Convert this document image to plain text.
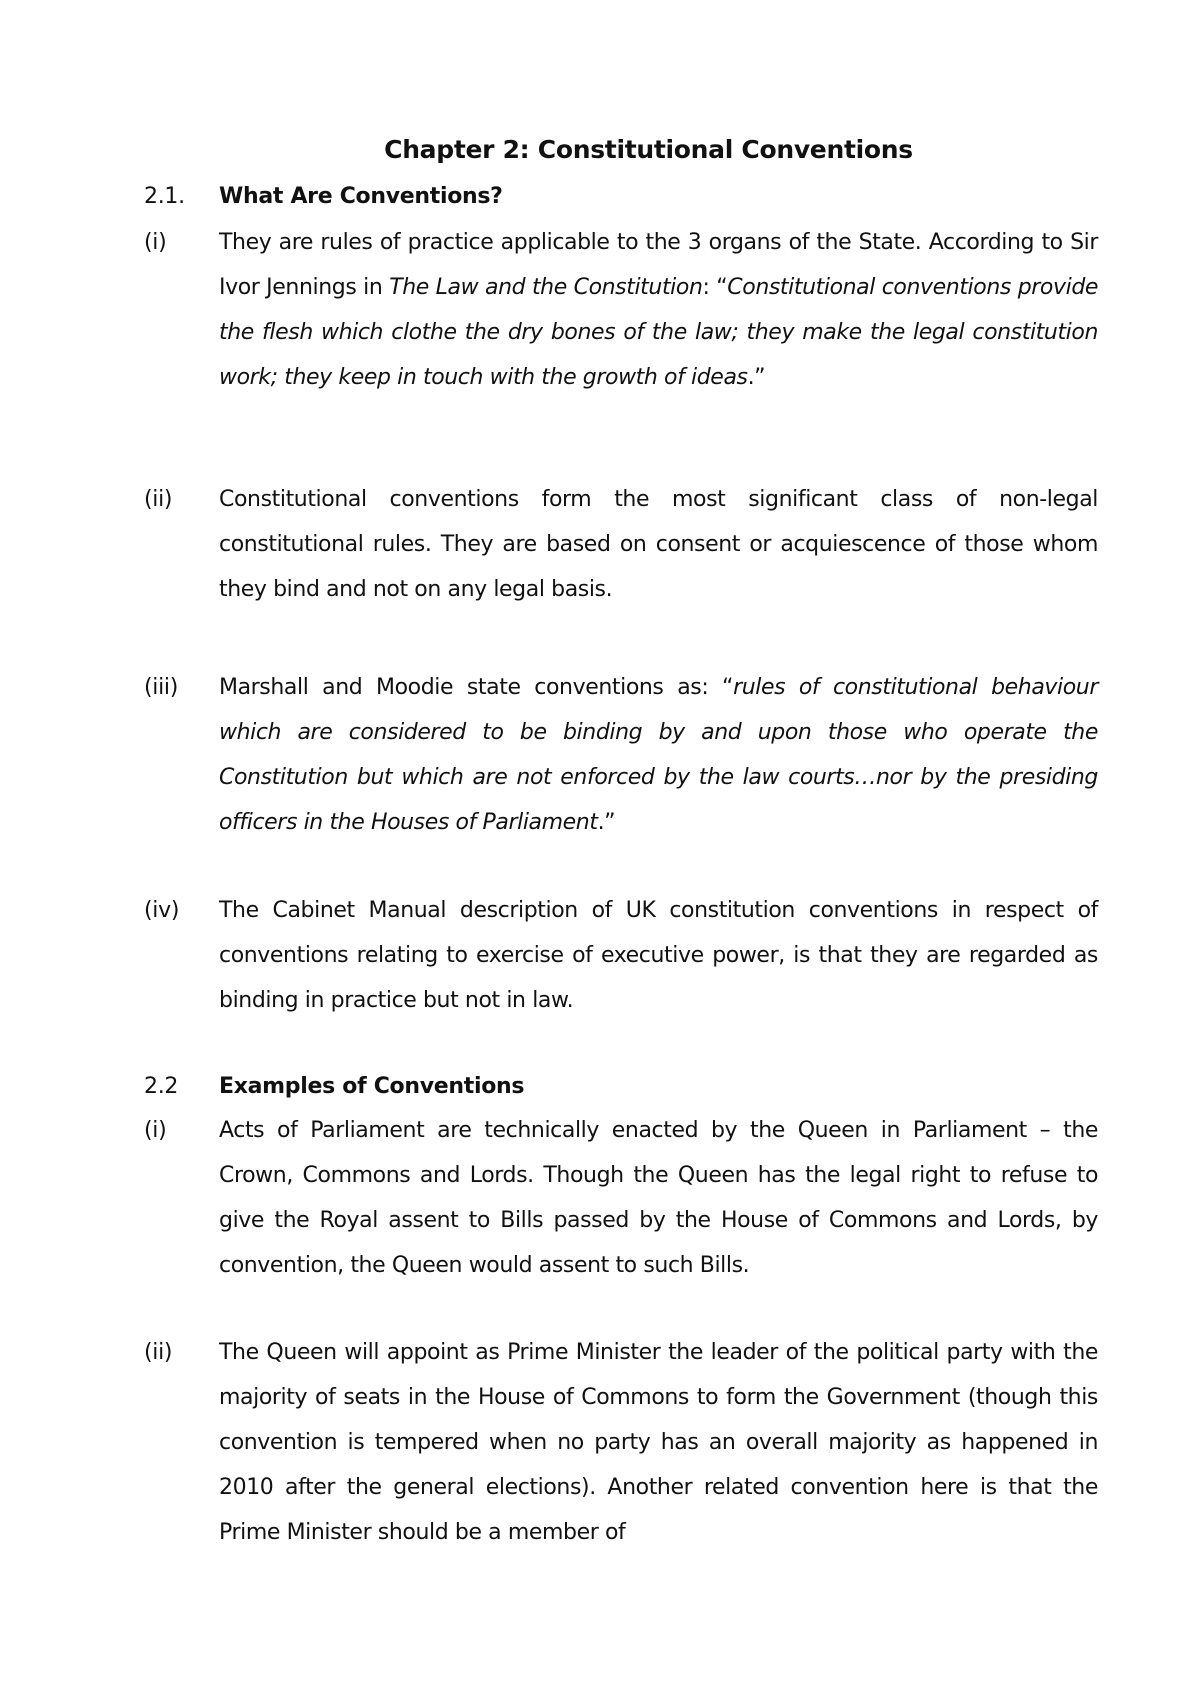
Chapter 2: Constitutional Conventions
2.1. What Are Conventions?
(i) They are rules of practice applicable to the 3 organs of the State. According to Sir Ivor Jennings in The Law and the Constitution: “Constitutional conventions provide the flesh which clothe the dry bones of the law; they make the legal constitution work; they keep in touch with the growth of ideas.”
(ii) Constitutional conventions form the most significant class of non-legal constitutional rules. They are based on consent or acquiescence of those whom they bind and not on any legal basis.
(iii) Marshall and Moodie state conventions as: “rules of constitutional behaviour which are considered to be binding by and upon those who operate the Constitution but which are not enforced by the law courts…nor by the presiding officers in the Houses of Parliament.”
(iv) The Cabinet Manual description of UK constitution conventions in respect of conventions relating to exercise of executive power, is that they are regarded as binding in practice but not in law.
2.2 Examples of Conventions
(i) Acts of Parliament are technically enacted by the Queen in Parliament – the Crown, Commons and Lords. Though the Queen has the legal right to refuse to give the Royal assent to Bills passed by the House of Commons and Lords, by convention, the Queen would assent to such Bills.
(ii) The Queen will appoint as Prime Minister the leader of the political party with the majority of seats in the House of Commons to form the Government (though this convention is tempered when no party has an overall majority as happened in 2010 after the general elections). Another related convention here is that the Prime Minister should be a member of
